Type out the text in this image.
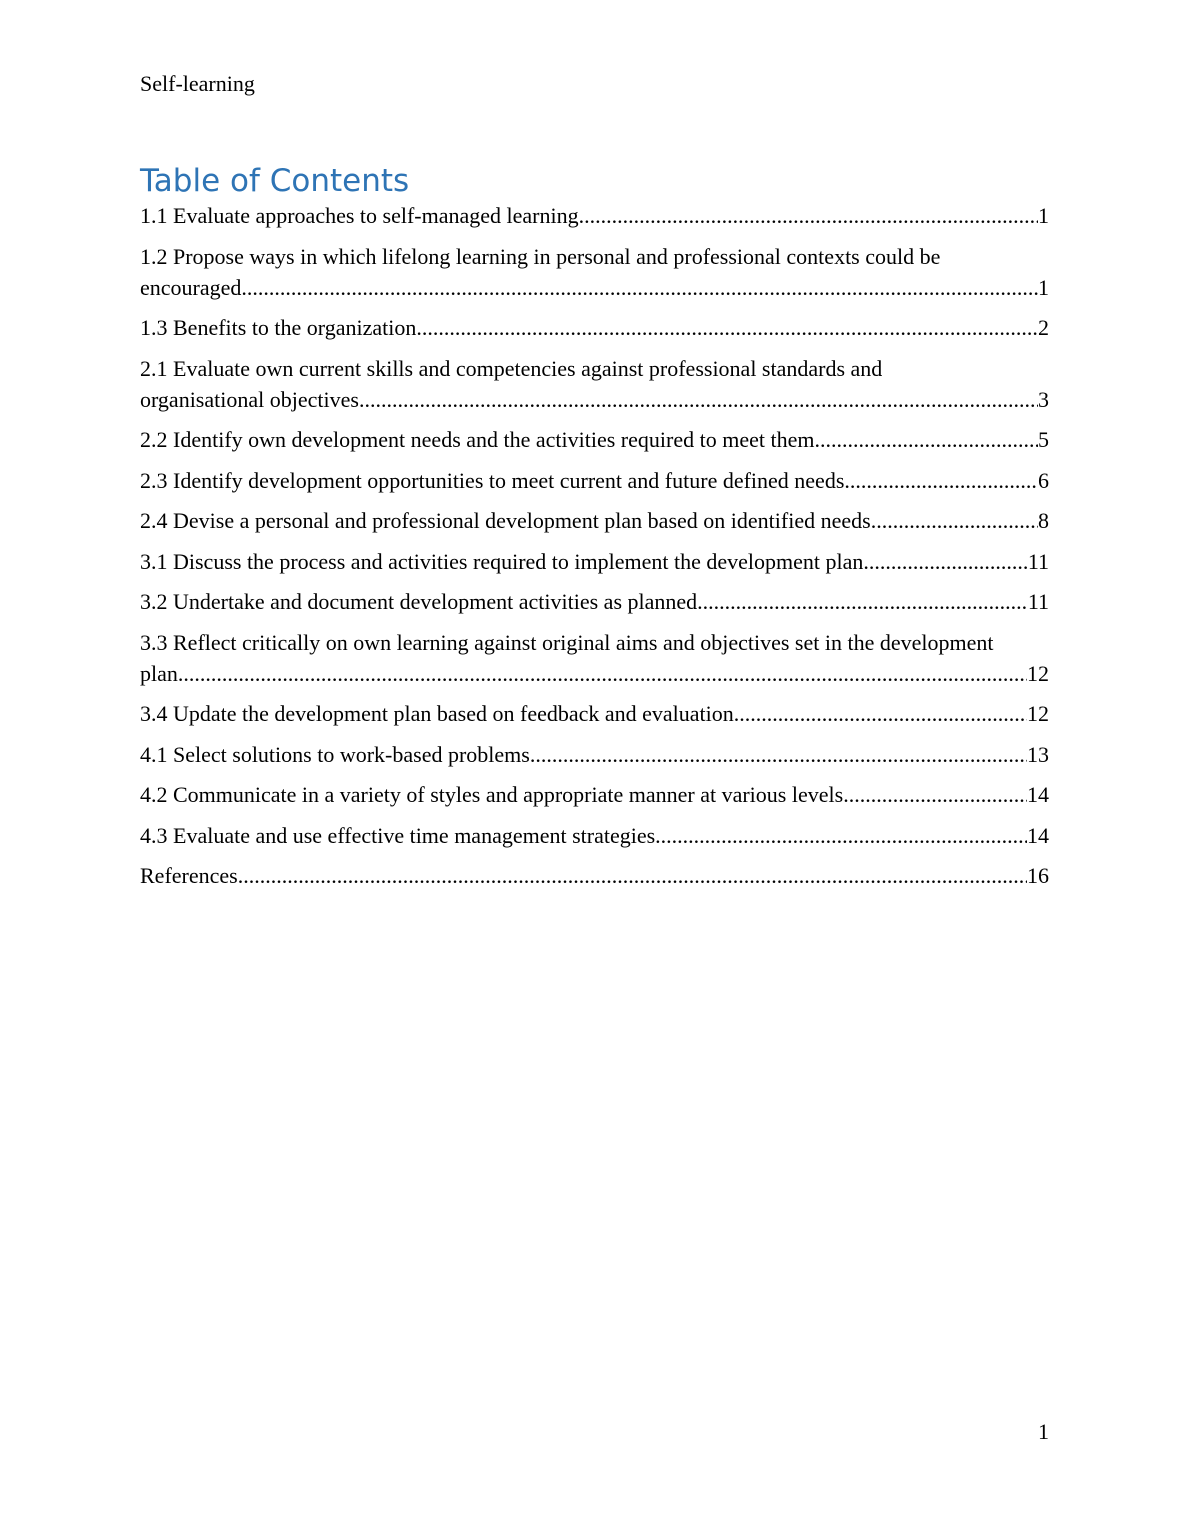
Self-learning
Table of Contents
1.1 Evaluate approaches to self-managed learning .....	1
1.2 Propose ways in which lifelong learning in personal and professional contexts could be
encouraged .....	1
1.3 Benefits to the organization .....	2
2.1 Evaluate own current skills and competencies against professional standards and
organisational objectives .....	3
2.2 Identify own development needs and the activities required to meet them .....	5
2.3 Identify development opportunities to meet current and future defined needs .....	6
2.4 Devise a personal and professional development plan based on identified needs .....	8
3.1 Discuss the process and activities required to implement the development plan .....	11
3.2 Undertake and document development activities as planned .....	11
3.3 Reflect critically on own learning against original aims and objectives set in the development
plan .....	12
3.4 Update the development plan based on feedback and evaluation .....	12
4.1 Select solutions to work-based problems .....	13
4.2 Communicate in a variety of styles and appropriate manner at various levels .....	14
4.3 Evaluate and use effective time management strategies .....	14
References .....	16
1
